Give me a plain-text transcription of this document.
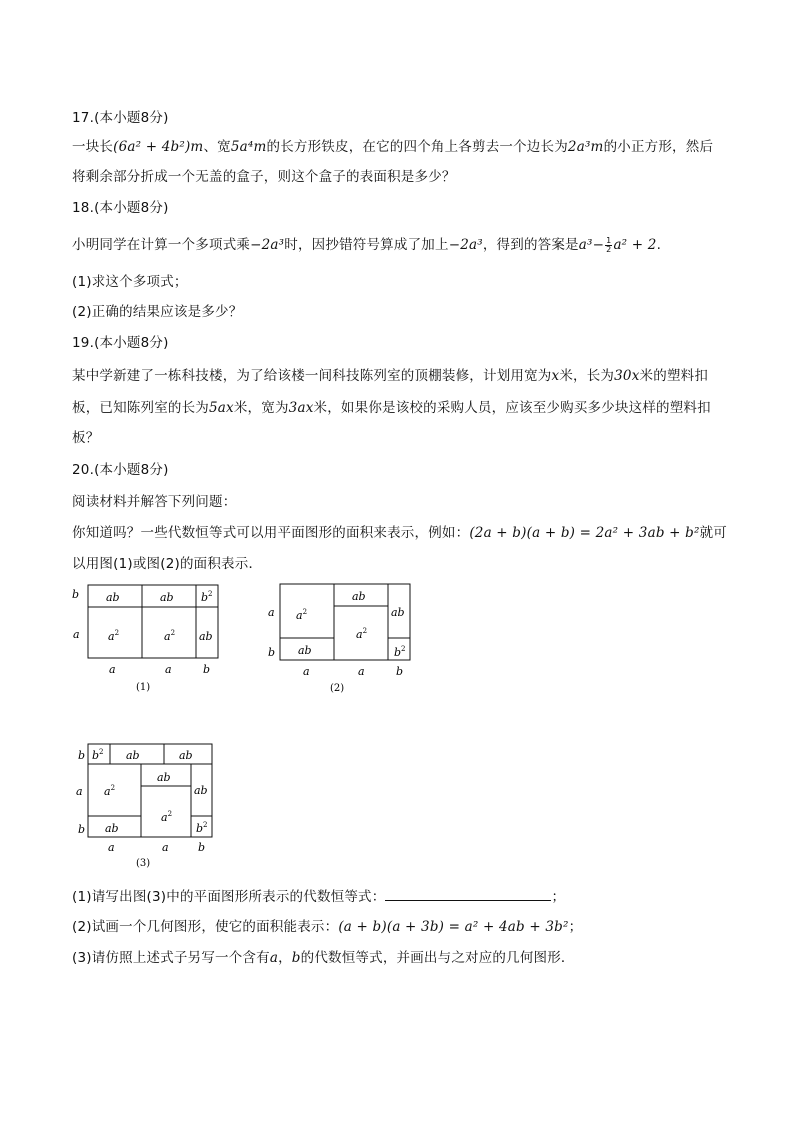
17.(本小题8分)
一块长(6a² + 4b²)m、宽5a⁴m的长方形铁皮，在它的四个角上各剪去一个边长为2a³m的小正方形，然后
将剩余部分折成一个无盖的盒子，则这个盒子的表面积是多少？
18.(本小题8分)
小明同学在计算一个多项式乘−2a³时，因抄错符号算成了加上−2a³，得到的答案是$a^3- \frac{1}{2} a^2 + 2$.
(1)求这个多项式；
(2)正确的结果应该是多少？
19.(本小题8分)
某中学新建了一栋科技楼，为了给该楼一间科技陈列室的顶棚装修，计划用宽为x米，长为30x米的塑料扣
板，已知陈列室的长为5ax米，宽为3ax米，如果你是该校的采购人员，应该至少购买多少块这样的塑料扣
板？
20.(本小题8分)
阅读材料并解答下列问题：
你知道吗？一些代数恒等式可以用平面图形的面积来表示，例如：(2a + b)(a + b) = 2a² + 3ab + b²就可
以用图(1)或图(2)的面积表示．
b
a
ab	ab $b^2$
$a^2$	$a^2$ ab
a	a	b
(1)
a
b
$a^2$
ab
ab
$a^2$
ab
$b^2$
a	a	b
(2)
b
a
b
$b^2$ ab	ab
$a^2$
ab
ab
$a^2$
ab
$b^2$
a	a	b
(3)
(1)请写出图(3)中的平面图形所表示的代数恒等式：	；
(2)试画一个几何图形，使它的面积能表示：(a + b)(a + 3b) = a² + 4ab + 3b²；
(3)请仿照上述式子另写一个含有a，b的代数恒等式，并画出与之对应的几何图形．
